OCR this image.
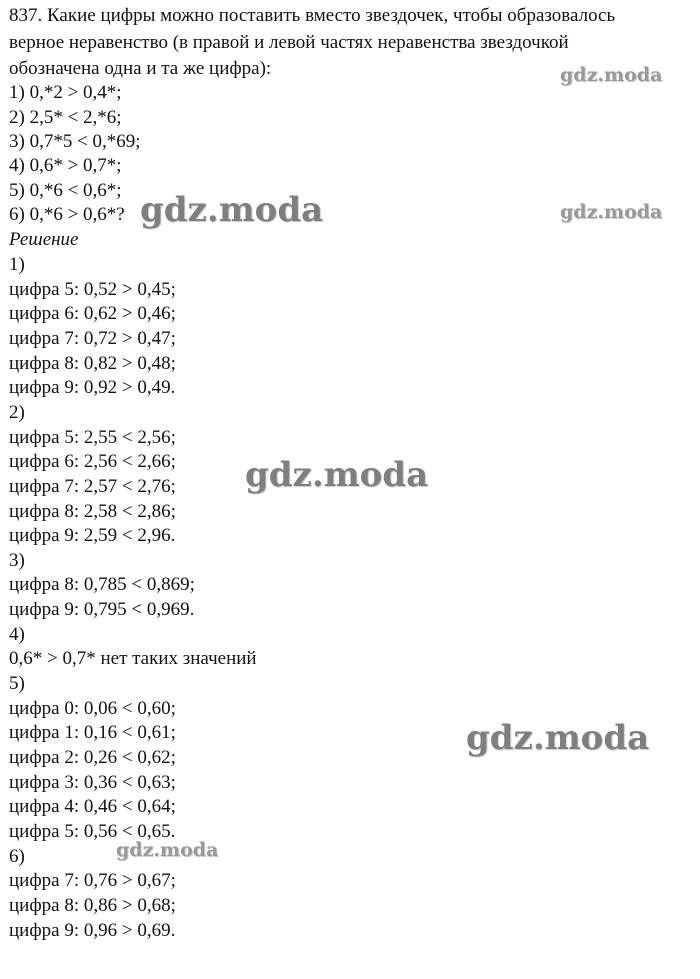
837. Какие цифры можно поставить вместо звездочек, чтобы образовалось
верное неравенство (в правой и левой частях неравенства звездочкой
обозначена одна и та же цифра):
1) 0,*2 > 0,4*;
2) 2,5* < 2,*6;
3) 0,7*5 < 0,*69;
4) 0,6* > 0,7*;
5) 0,*6 < 0,6*;
6) 0,*6 > 0,6*?
Решение
1)
цифра 5: 0,52 > 0,45;
цифра 6: 0,62 > 0,46;
цифра 7: 0,72 > 0,47;
цифра 8: 0,82 > 0,48;
цифра 9: 0,92 > 0,49.
2)
цифра 5: 2,55 < 2,56;
цифра 6: 2,56 < 2,66;
цифра 7: 2,57 < 2,76;
цифра 8: 2,58 < 2,86;
цифра 9: 2,59 < 2,96.
3)
цифра 8: 0,785 < 0,869;
цифра 9: 0,795 < 0,969.
4)
0,6* > 0,7* нет таких значений
5)
цифра 0: 0,06 < 0,60;
цифра 1: 0,16 < 0,61;
цифра 2: 0,26 < 0,62;
цифра 3: 0,36 < 0,63;
цифра 4: 0,46 < 0,64;
цифра 5: 0,56 < 0,65.
6)
цифра 7: 0,76 > 0,67;
цифра 8: 0,86 > 0,68;
цифра 9: 0,96 > 0,69.
gdz.moda
gdz.moda
gdz.moda
gdz.moda
gdz.moda
gdz.moda
